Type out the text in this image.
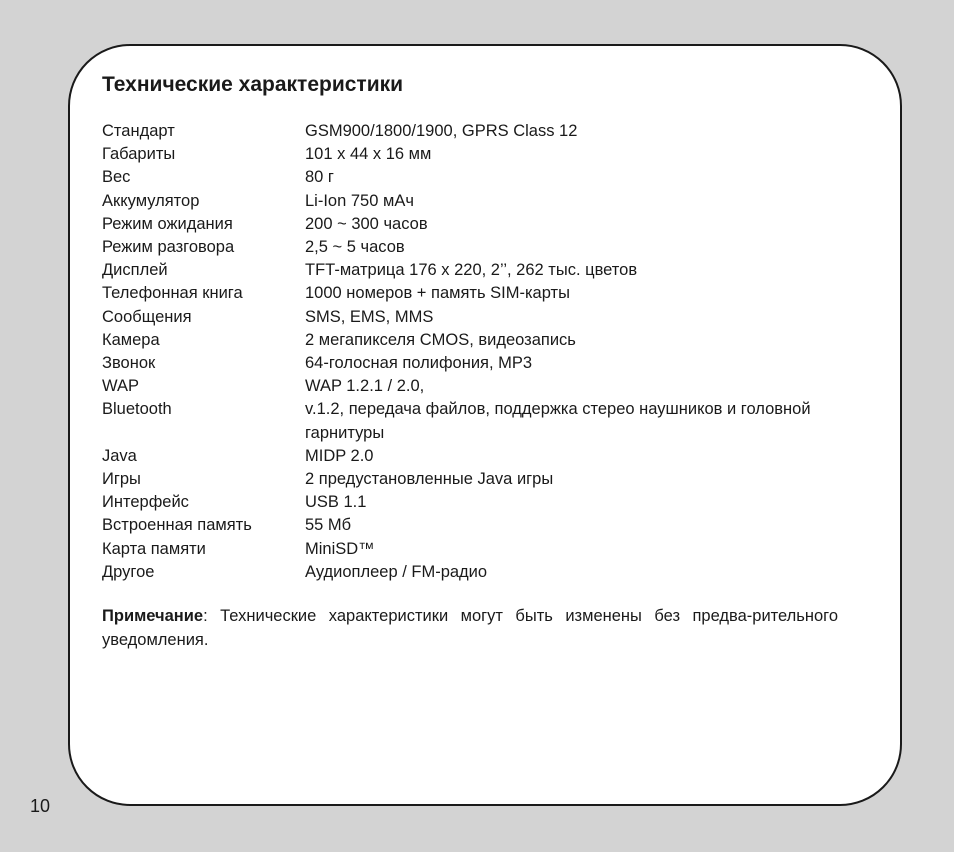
Технические характеристики
Стандарт	GSM900/1800/1900, GPRS Class 12
Габариты	101 x 44 x 16 мм
Вес	80 г
Аккумулятор	Li-Ion 750 мАч
Режим ожидания	200 ~ 300 часов
Режим разговора	2,5 ~ 5 часов
Дисплей	TFT-матрица 176 х 220, 2’’, 262 тыс. цветов
Телефонная книга	1000 номеров + память SIM-карты
Сообщения	SMS, EMS, MMS
Камера	2 мегапикселя CMOS, видеозапись
Звонок	64-голосная полифония, MP3
WAP	WAP 1.2.1 / 2.0,
Bluetooth	v.1.2, передача файлов, поддержка стерео наушников и головной гарнитуры
Java	MIDP 2.0
Игры	2 предустановленные Java игры
Интерфейс	USB 1.1
Встроенная память	55 Мб
Карта памяти	MiniSD™
Другое	Аудиоплеер / FM-радио

Примечание: Технические характеристики могут быть изменены без предва-рительного уведомления.

10
